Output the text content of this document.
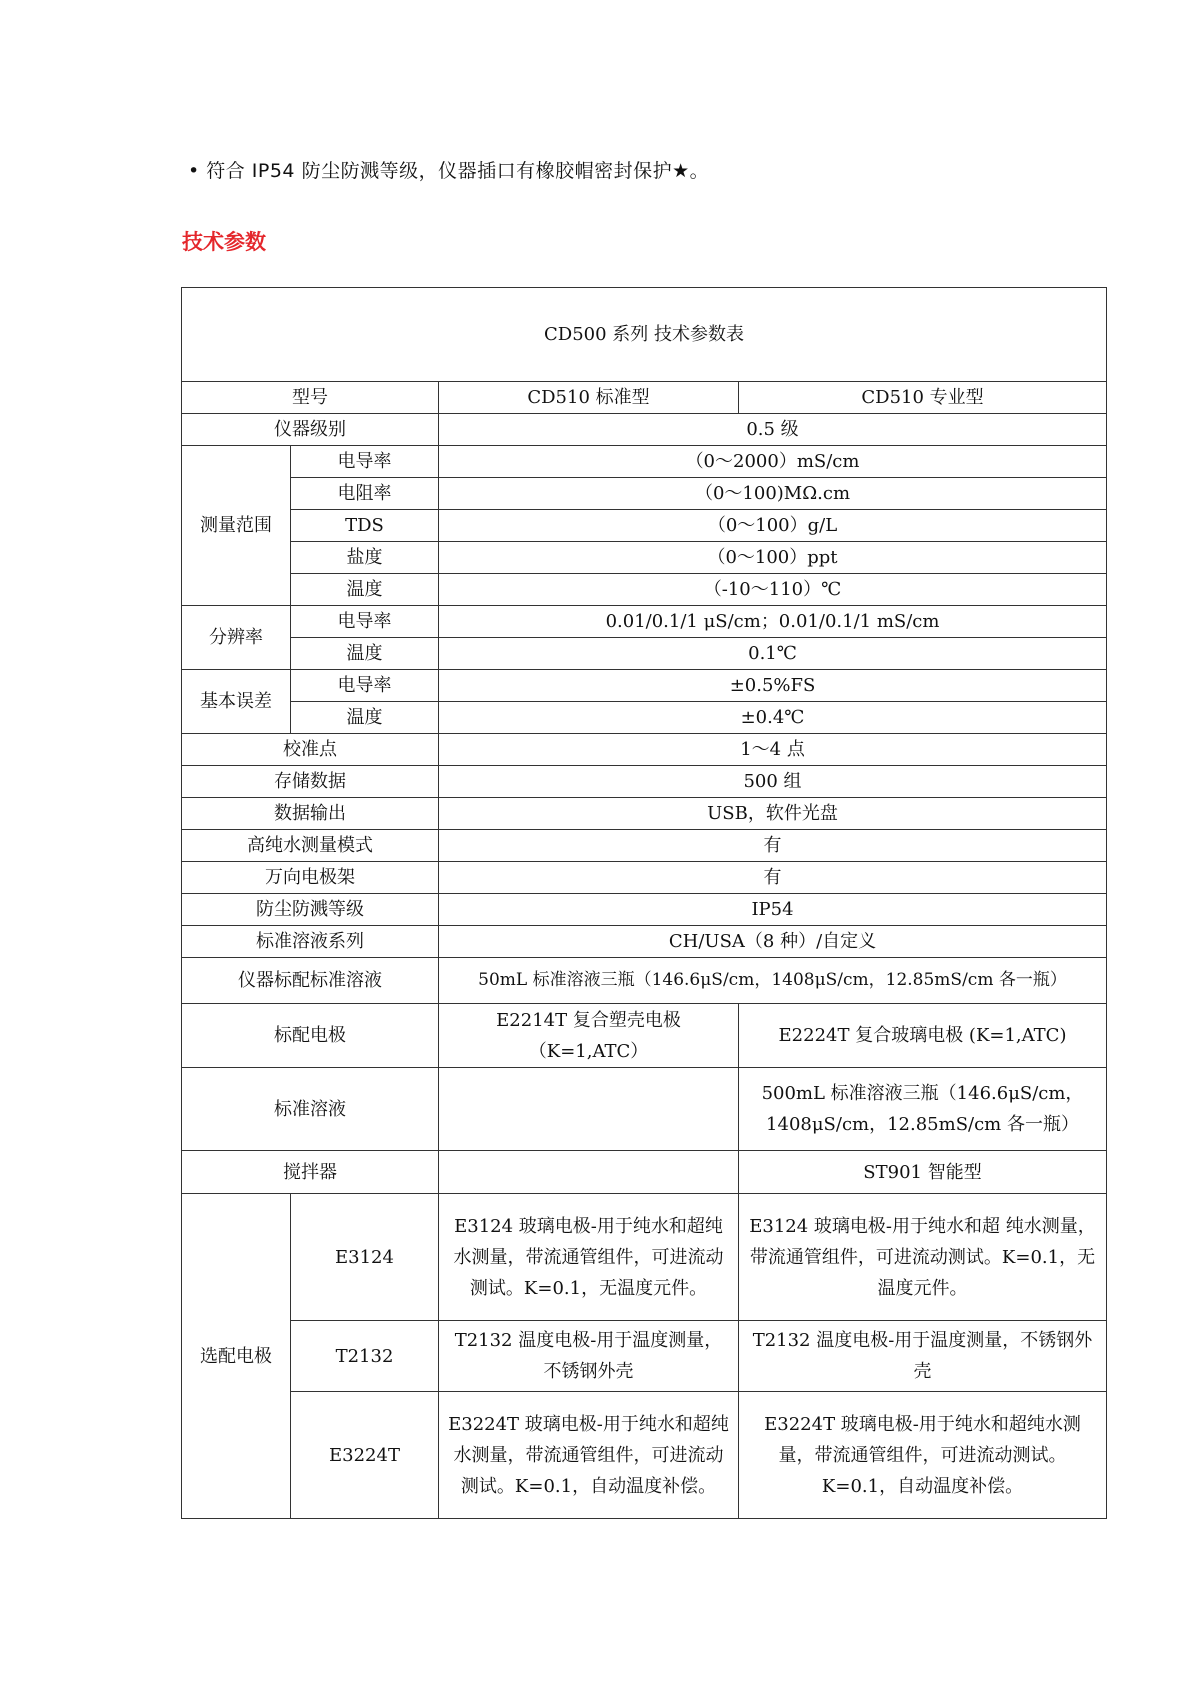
• 符合 IP54 防尘防溅等级，仪器插口有橡胶帽密封保护★。
技术参数
CD500 系列 技术参数表			
型号		CD510 标准型	CD510 专业型
仪器级别		0.5 级	
测量范围	电导率	（0～2000）mS/cm	
	电阻率	（0～100)MΩ.cm	
	TDS	（0～100）g/L	
	盐度	（0～100）ppt	
	温度	（-10～110）℃	
分辨率	电导率	0.01/0.1/1 μS/cm；0.01/0.1/1 mS/cm	
	温度	0.1℃	
基本误差	电导率	±0.5%FS	
	温度	±0.4℃	
校准点		1～4 点	
存储数据		500 组	
数据输出		USB，软件光盘	
高纯水测量模式		有	
万向电极架		有	
防尘防溅等级		IP54	
标准溶液系列		CH/USA（8 种）/自定义	
仪器标配标准溶液		50mL 标准溶液三瓶（146.6μS/cm，1408μS/cm，12.85mS/cm 各一瓶）	
标配电极		E2214T 复合塑壳电极（K=1,ATC）	E2224T 复合玻璃电极 (K=1,ATC)
标准溶液			500mL 标准溶液三瓶（146.6μS/cm，1408μS/cm，12.85mS/cm 各一瓶）
搅拌器			ST901 智能型
选配电极	E3124	E3124 玻璃电极-用于纯水和超纯水测量，带流通管组件，可进流动测试。K=0.1，无温度元件。	E3124 玻璃电极-用于纯水和超 纯水测量，带流通管组件，可进流动测试。K=0.1，无温度元件。
	T2132	T2132 温度电极-用于温度测量，不锈钢外壳	T2132 温度电极-用于温度测量，不锈钢外壳
	E3224T	E3224T 玻璃电极-用于纯水和超纯水测量，带流通管组件，可进流动测试。K=0.1，自动温度补偿。	E3224T 玻璃电极-用于纯水和超纯水测量，带流通管组件，可进流动测试。K=0.1，自动温度补偿。
